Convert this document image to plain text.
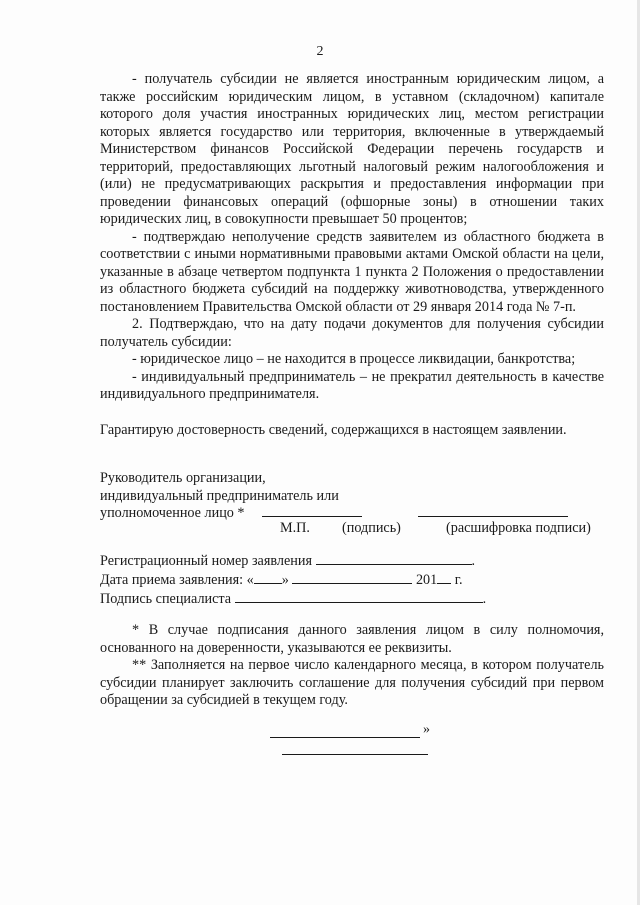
2

- получатель субсидии не является иностранным юридическим лицом, а также российским юридическим лицом, в уставном (складочном) капитале которого доля участия иностранных юридических лиц, местом регистрации которых является государство или территория, включенные в утверждаемый Министерством финансов Российской Федерации перечень государств и территорий, предоставляющих льготный налоговый режим налогообложения и (или) не предусматривающих раскрытия и предоставления информации при проведении финансовых операций (офшорные зоны) в отношении таких юридических лиц, в совокупности превышает 50 процентов;

- подтверждаю неполучение средств заявителем из областного бюджета в соответствии с иными нормативными правовыми актами Омской области на цели, указанные в абзаце четвертом подпункта 1 пункта 2 Положения о предоставлении из областного бюджета субсидий на поддержку животноводства, утвержденного постановлением Правительства Омской области от 29 января 2014 года № 7-п.

2. Подтверждаю, что на дату подачи документов для получения субсидии получатель субсидии:

- юридическое лицо – не находится в процессе ликвидации, банкротства;

- индивидуальный предприниматель – не прекратил деятельность в качестве индивидуального предпринимателя.

Гарантирую достоверность сведений, содержащихся в настоящем заявлении.

Руководитель организации,
индивидуальный предприниматель или
уполномоченное лицо *
М.П. (подпись)	(расшифровка подписи)
Регистрационный номер заявления	.
Дата приема заявления: « »	201 г.
Подпись специалиста	.

* В случае подписания данного заявления лицом в силу полномочия, основанного на доверенности, указываются ее реквизиты.

** Заполняется на первое число календарного месяца, в котором получатель субсидии планирует заключить соглашение для получения субсидий при первом обращении за субсидией в текущем году.

»
